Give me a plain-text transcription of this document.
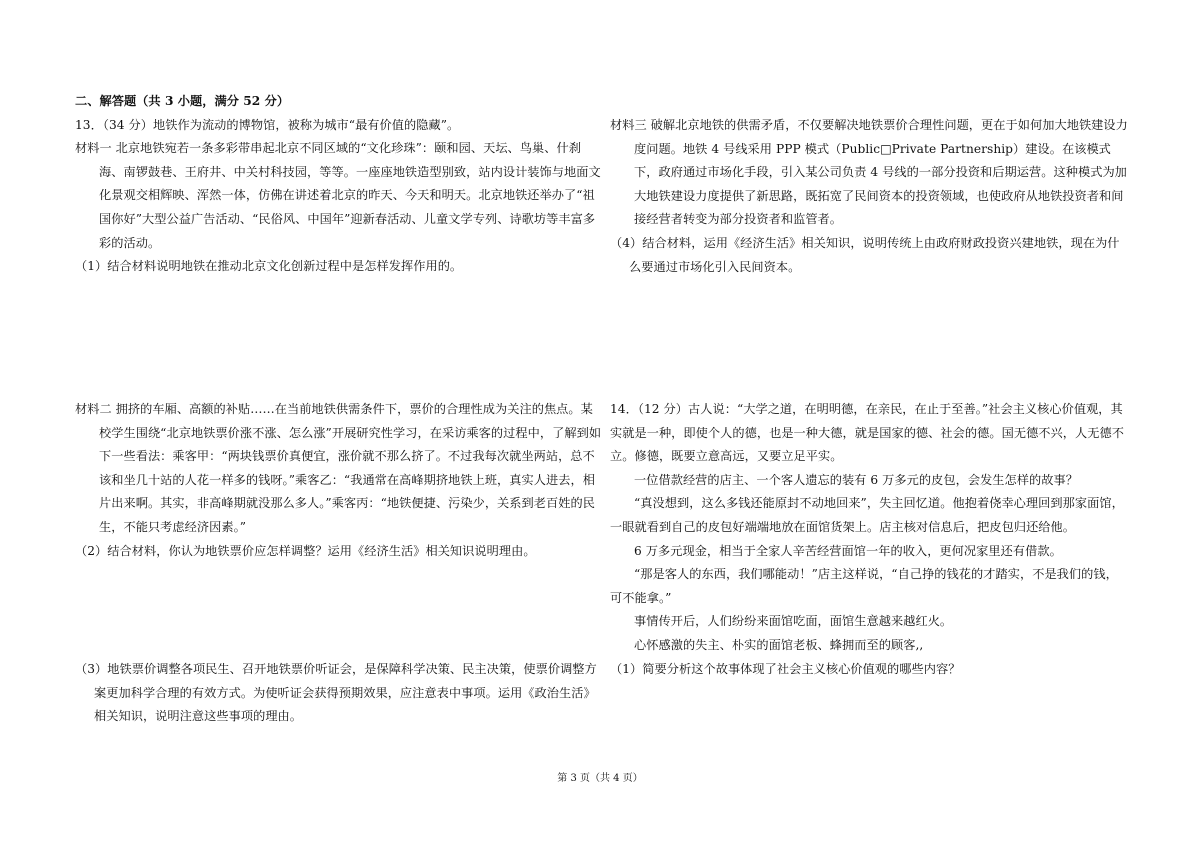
二、解答题（共 3 小题，满分 52 分）

13．（34 分）地铁作为流动的博物馆，被称为城市“最有价值的隐藏”。

材料一 北京地铁宛若一条多彩带串起北京不同区域的“文化珍珠”：颐和园、天坛、鸟巢、什刹海、南锣鼓巷、王府井、中关村科技园，等等。一座座地铁造型别致，站内设计装饰与地面文化景观交相辉映、浑然一体，仿佛在讲述着北京的昨天、今天和明天。北京地铁还举办了“祖国你好”大型公益广告活动、“民俗风、中国年”迎新春活动、儿童文学专列、诗歌坊等丰富多彩的活动。

（1）结合材料说明地铁在推动北京文化创新过程中是怎样发挥作用的。

材料二 拥挤的车厢、高额的补贴……在当前地铁供需条件下，票价的合理性成为关注的焦点。某校学生围绕“北京地铁票价涨不涨、怎么涨”开展研究性学习，在采访乘客的过程中，了解到如下一些看法：乘客甲：“两块钱票价真便宜，涨价就不那么挤了。不过我每次就坐两站，总不该和坐几十站的人花一样多的钱呀。”乘客乙：“我通常在高峰期挤地铁上班，真实人进去，相片出来啊。其实，非高峰期就没那么多人。”乘客丙：“地铁便捷、污染少，关系到老百姓的民生，不能只考虑经济因素。”

（2）结合材料，你认为地铁票价应怎样调整？运用《经济生活》相关知识说明理由。

（3）地铁票价调整各项民生、召开地铁票价听证会，是保障科学决策、民主决策，使票价调整方案更加科学合理的有效方式。为使听证会获得预期效果，应注意表中事项。运用《政治生活》相关知识，说明注意这些事项的理由。

材料三 破解北京地铁的供需矛盾，不仅要解决地铁票价合理性问题，更在于如何加大地铁建设力度问题。地铁 4 号线采用 PPP 模式（Public□Private Partnership）建设。在该模式下，政府通过市场化手段，引入某公司负责 4 号线的一部分投资和后期运营。这种模式为加大地铁建设力度提供了新思路，既拓宽了民间资本的投资领域，也使政府从地铁投资者和间接经营者转变为部分投资者和监管者。

（4）结合材料，运用《经济生活》相关知识，说明传统上由政府财政投资兴建地铁，现在为什么要通过市场化引入民间资本。

14．（12 分）古人说：“大学之道，在明明德，在亲民，在止于至善。”社会主义核心价值观，其实就是一种，即使个人的德，也是一种大德，就是国家的德、社会的德。国无德不兴，人无德不立。修德，既要立意高远，又要立足平实。

一位借款经营的店主、一个客人遗忘的装有 6 万多元的皮包，会发生怎样的故事？

“真没想到，这么多钱还能原封不动地回来”，失主回忆道。他抱着侥幸心理回到那家面馆，一眼就看到自己的皮包好端端地放在面馆货架上。店主核对信息后，把皮包归还给他。

6 万多元现金，相当于全家人辛苦经营面馆一年的收入，更何况家里还有借款。

“那是客人的东西，我们哪能动！”店主这样说，“自己挣的钱花的才踏实，不是我们的钱，可不能拿。”

事情传开后，人们纷纷来面馆吃面，面馆生意越来越红火。

心怀感激的失主、朴实的面馆老板、蜂拥而至的顾客,,

（1）简要分析这个故事体现了社会主义核心价值观的哪些内容？

第 3 页（共 4 页）
